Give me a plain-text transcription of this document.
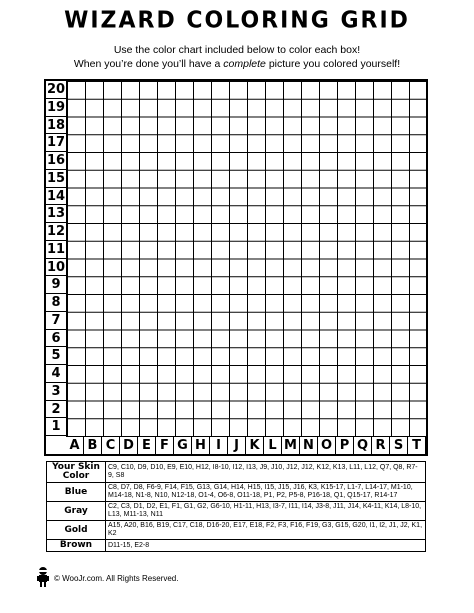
WIZARD COLORING GRID
Use the color chart included below to color each box!
When you’re done you’ll have a complete picture you colored yourself!
20
19
18
17
16
15
14
13
12
11
10
9
8
7
6
5
4
3
2
1
A B C D E F G H I	J K L M N O P Q R S T
Your Skin Color	C9, C10, D9, D10, E9, E10, H12, I8-10, I12, I13, J9, J10, J12, J12, K12, K13, L11, L12, Q7, Q8, R7-9, S8
Blue	C8, D7, D8, F6-9, F14, F15, G13, G14, H14, H15, I15, J15, J16, K3, K15-17, L1-7, L14-17, M1-10, M14-18, N1-8, N10, N12-18, O1-4, O6-8, O11-18, P1, P2, P5-8, P16-18, Q1, Q15-17, R14-17
Gray	C2, C3, D1, D2, E1, F1, G1, G2, G6-10, H1-11, H13, I3-7, I11, I14, J3-8, J11, J14, K4-11, K14, L8-10, L13, M11-13, N11
Gold	A15, A20, B16, B19, C17, C18, D16-20, E17, E18, F2, F3, F16, F19, G3, G15, G20, I1, I2, J1, J2, K1, K2
Brown	D11-15, E2-8
© WooJr.com. All Rights Reserved.
